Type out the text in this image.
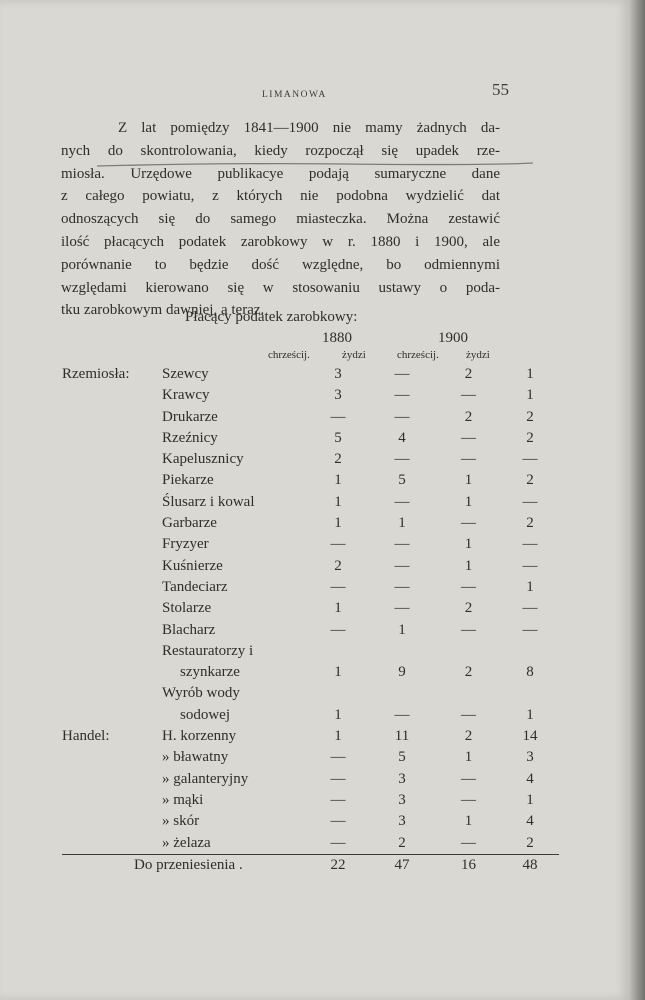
LIMANOWA	55
Z lat pomiędzy 1841—1900 nie mamy żadnych da-
nych do skontrolowania, kiedy rozpoczął się upadek rze-
miosła. Urzędowe publikacye podają sumaryczne dane
z całego powiatu, z których nie podobna wydzielić dat
odnoszących się do samego miasteczka. Można zestawić
ilość płacących podatek zarobkowy w r. 1880 i 1900, ale
porównanie to będzie dość względne, bo odmiennymi
względami kierowano się w stosowaniu ustawy o poda-
tku zarobkowym dawniej, a teraz.
Płacący podatek zarobkowy:
1880	1900
chrześcij.	żydzi	chrześcij. żydzi
Rzemiosła:	Szewcy	3	—	2	1
	Krawcy	3	—	—	1
	Drukarze	—	—	2	2
	Rzeźnicy	5	4	—	2
	Kapelusznicy	2	—	—	—
	Piekarze	1	5	1	2
	Ślusarz i kowal	1	—	1	—
	Garbarze	1	1	—	2
	Fryzyer	—	—	1	—
	Kuśnierze	2	—	1	—
	Tandeciarz	—	—	—	1
	Stolarze	1	—	2	—
	Blacharz	—	1	—	—
	Restauratorzy i				
	szynkarze	1	9	2	8
	Wyrób wody				
	sodowej	1	—	—	1
Handel:	H. korzenny	1	11	2	14
	» bławatny	—	5	1	3
	» galanteryjny	—	3	—	4
	» mąki	—	3	—	1
	» skór	—	3	1	4
	» żelaza	—	2	—	2
Do przeniesienia .		22	47	16	48
